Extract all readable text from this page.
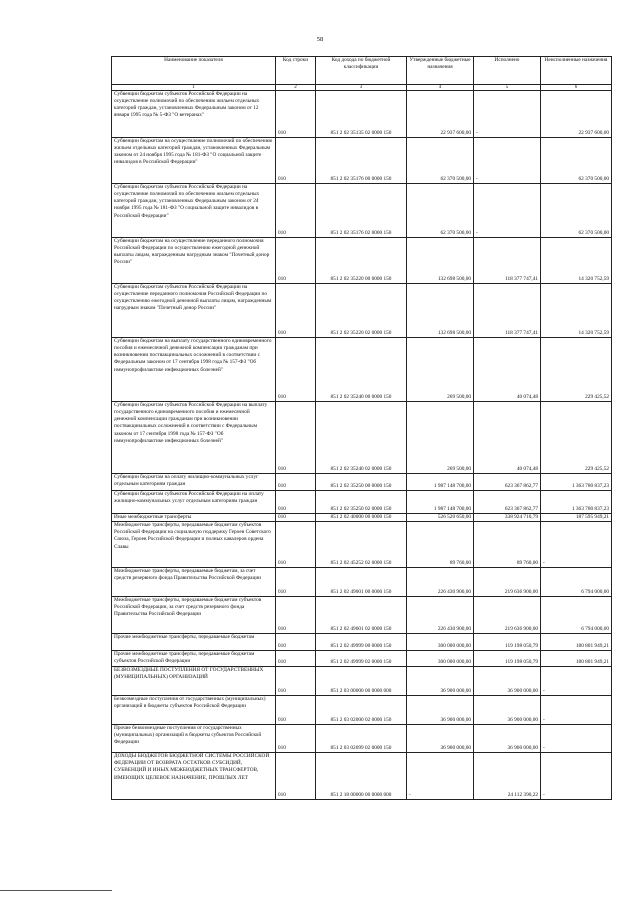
58
Наименование показателя	Код строки	Код дохода по бюджетной классификации	Утвержденные бюджетные назначения	Исполнено	Неисполненные назначения
1	2	3	4	5	6
Субвенции бюджетам субъектов Российской Федерации на осуществление полномочий по обеспечению жильем отдельных категорий граждан, установленных Федеральным законом от 12 января 1995 года № 5-ФЗ "О ветеранах"	010	851 2 02 35135 02 0000 150	22 937 600,00	-	22 937 600,00
Субвенции бюджетам на осуществление полномочий по обеспечению жильем отдельных категорий граждан, установленных Федеральным законом от 24 ноября 1995 года № 181-ФЗ "О социальной защите инвалидов в Российской Федерации"	010	851 2 02 35176 00 0000 150	62 370 500,00	-	62 370 500,00
Субвенции бюджетам субъектов Российской Федерации на осуществление полномочий по обеспечению жильем отдельных категорий граждан, установленных Федеральным законом от 24 ноября 1995 года № 181-ФЗ "О социальной защите инвалидов в Российской Федерации"	010	851 2 02 35176 02 0000 150	62 370 500,00	-	62 370 500,00
Субвенции бюджетам на осуществление переданного полномочия Российской Федерации по осуществлению ежегодной денежной выплаты лицам, награжденным нагрудным знаком "Почетный донор России"	010	851 2 02 35220 00 0000 150	132 698 500,00	118 377 747,41	14 320 752,59
Субвенции бюджетам субъектов Российской Федерации на осуществление переданного полномочия Российской Федерации по осуществлению ежегодной денежной выплаты лицам, награжденным нагрудным знаком "Почетный донор России"	010	851 2 02 35220 02 0000 150	132 698 500,00	118 377 747,41	14 320 752,59
Субвенции бюджетам на выплату государственного единовременного пособия и ежемесячной денежной компенсации гражданам при возникновении поствакцинальных осложнений в соответствии с Федеральным законом от 17 сентября 1998 года № 157-ФЗ "Об иммунопрофилактике инфекционных болезней"	010	851 2 02 35240 00 0000 150	269 500,00	40 074,48	229 425,52
Субвенции бюджетам субъектов Российской Федерации на выплату государственного единовременного пособия и ежемесячной денежной компенсации гражданам при возникновении поствакцинальных осложнений в соответствии с Федеральным законом от 17 сентября 1998 года № 157-ФЗ "Об иммунопрофилактике инфекционных болезней"	010	851 2 02 35240 02 0000 150	269 500,00	40 074,48	229 425,52
Субвенции бюджетам на оплату жилищно-коммунальных услуг отдельным категориям граждан	010	851 2 02 35250 00 0000 150	1 987 148 700,00	623 367 862,77	1 363 780 837,23
Субвенции бюджетам субъектов Российской Федерации на оплату жилищно-коммунальных услуг отдельным категориям граждан	010	851 2 02 35250 02 0000 150	1 987 148 700,00	623 367 862,77	1 363 780 837,23
Иные межбюджетные трансферты	010	851 2 02 40000 00 0000 150	526 520 650,00	338 924 710,79	187 595 949,21
Межбюджетные трансферты, передаваемые бюджетам субъектов Российской Федерации на социальную поддержку Героев Советского Союза, Героев Российской Федерации и полных кавалеров ордена Славы	010	851 2 02 45252 02 0000 150	89 760,00	89 760,00	-
Межбюджетные трансферты, передаваемые бюджетам, за счет средств резервного фонда Правительства Российской Федерации	010	851 2 02 49001 00 0000 150	226 430 900,00	219 636 900,00	6 794 000,00
Межбюджетные трансферты, передаваемые бюджетам субъектов Российской Федерации, за счет средств резервного фонда Правительства Российской Федерации	010	851 2 02 49001 02 0000 150	226 430 900,00	219 636 900,00	6 794 000,00
Прочие межбюджетные трансферты, передаваемые бюджетам	010	851 2 02 49999 00 0000 150	300 000 000,00	119 198 050,79	180 801 949,21
Прочие межбюджетные трансферты, передаваемые бюджетам субъектов Российской Федерации	010	851 2 02 49999 02 0000 150	300 000 000,00	119 198 050,79	180 801 949,21
БЕЗВОЗМЕЗДНЫЕ ПОСТУПЛЕНИЯ ОТ ГОСУДАРСТВЕННЫХ (МУНИЦИПАЛЬНЫХ) ОРГАНИЗАЦИЙ	010	851 2 03 00000 00 0000 000	36 900 000,00	36 900 000,00	-
Безвозмездные поступления от государственных (муниципальных) организаций в бюджеты субъектов Российской Федерации	010	851 2 03 02000 02 0000 150	36 900 000,00	36 900 000,00	-
Прочие безвозмездные поступления от государственных (муниципальных) организаций в бюджеты субъектов Российской Федерации	010	851 2 03 02099 02 0000 150	36 900 000,00	36 900 000,00	-
ДОХОДЫ БЮДЖЕТОВ БЮДЖЕТНОЙ СИСТЕМЫ РОССИЙСКОЙ ФЕДЕРАЦИИ ОТ ВОЗВРАТА ОСТАТКОВ СУБСИДИЙ, СУБВЕНЦИЙ И ИНЫХ МЕЖБЮДЖЕТНЫХ ТРАНСФЕРТОВ, ИМЕЮЩИХ ЦЕЛЕВОЕ НАЗНАЧЕНИЕ, ПРОШЛЫХ ЛЕТ	010	851 2 18 00000 00 0000 000	-	24 112 390,22	-
